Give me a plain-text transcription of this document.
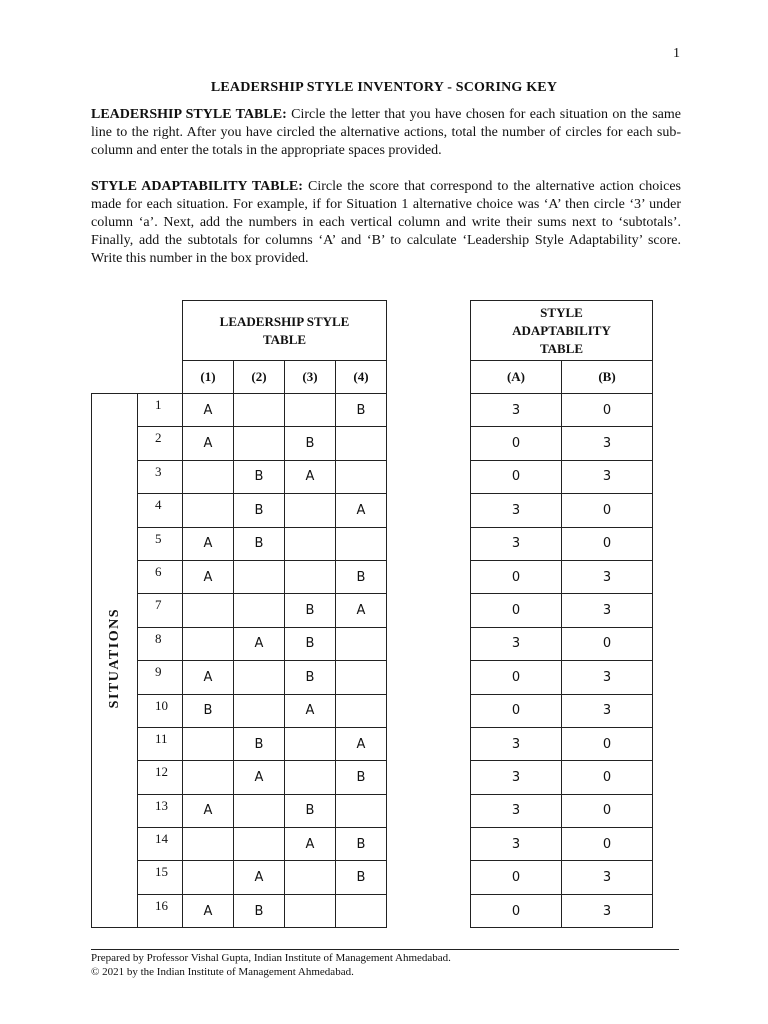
1
LEADERSHIP STYLE INVENTORY - SCORING KEY
LEADERSHIP STYLE TABLE: Circle the letter that you have chosen for each situation on the same line to the right. After you have circled the alternative actions, total the number of circles for each sub-column and enter the totals in the appropriate spaces provided.
STYLE ADAPTABILITY TABLE: Circle the score that correspond to the alternative action choices made for each situation. For example, if for Situation 1 alternative choice was ‘A’ then circle ‘3’ under column ‘a’. Next, add the numbers in each vertical column and write their sums next to ‘subtotals’. Finally, add the subtotals for columns ‘A’ and ‘B’ to calculate ‘Leadership Style Adaptability’ score. Write this number in the box provided.

		LEADERSHIP STYLE TABLE			

		(1)	(2)	(3)	(4)
SITUATIONS	1	A			B
	2	A		B	
	3		B	A	
	4		B		A
	5	A	B		
	6	A			B
	7			B	A
	8		A	B	
	9	A		B	
	10	B		A	
	11		B		A
	12		A		B
	13	A		B	
	14			A	B
	15		A		B
	16	A	B		
STYLE ADAPTABILITY TABLE	

(A)	(B)
3	0
0	3
0	3
3	0
3	0
0	3
0	3
3	0
0	3
0	3
3	0
3	0
3	0
3	0
0	3
0	3
Prepared by Professor Vishal Gupta, Indian Institute of Management Ahmedabad.
© 2021 by the Indian Institute of Management Ahmedabad.
